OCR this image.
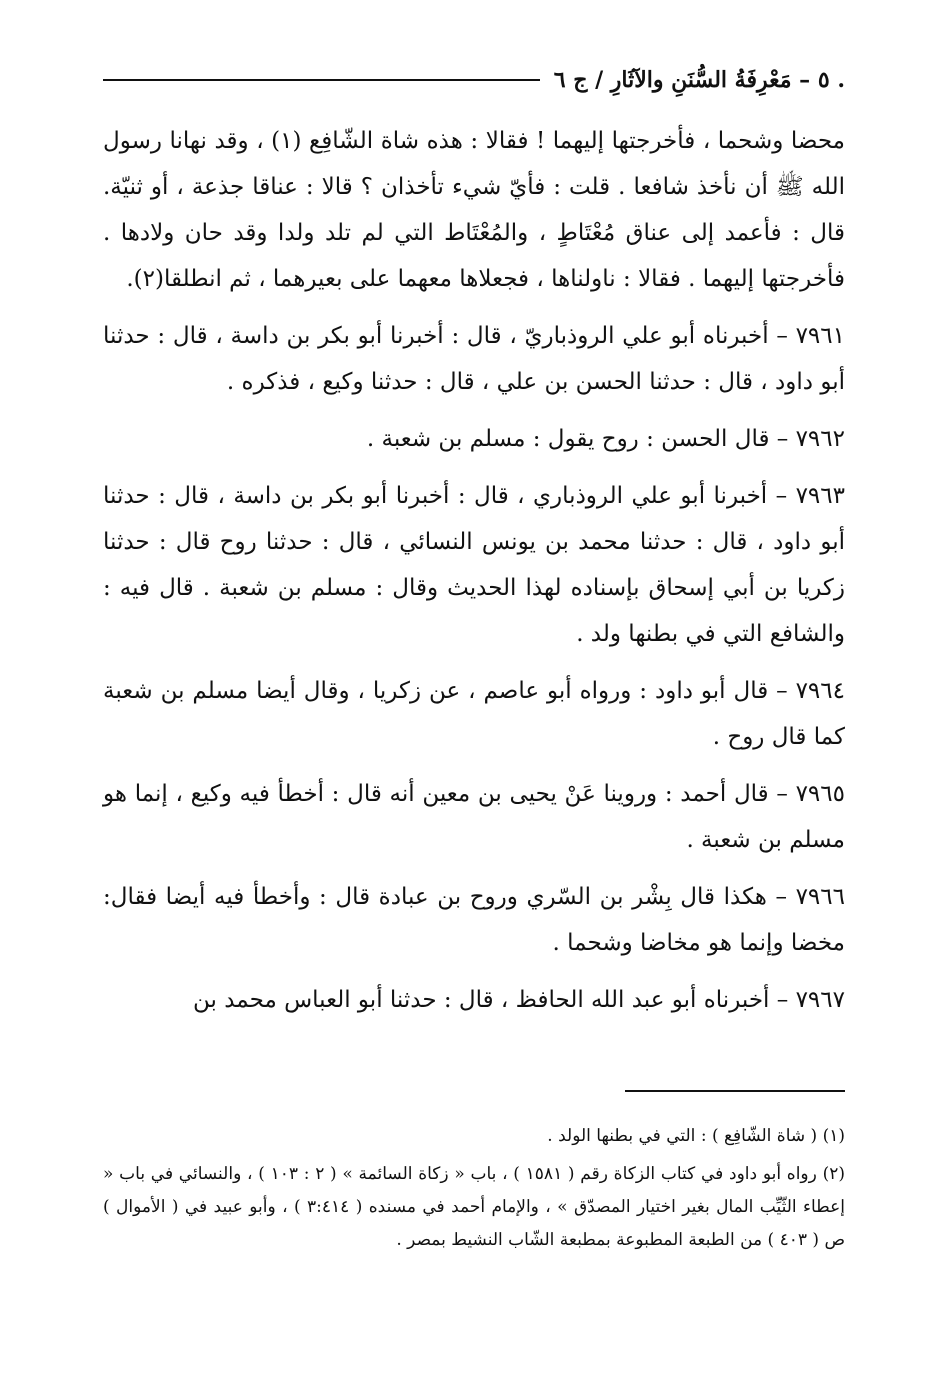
. ٥ – مَعْرِفَةُ السُّنَنِ والآثَارِ / ج ٦

محضا وشحما ، فأخرجتها إليهما ! فقالا : هذه شاة الشّافِع (١) ، وقد نهانا رسول الله ﷺ أن نأخذ شافعا . قلت : فأيّ شيء تأخذان ؟ قالا : عناقا جذعة ، أو ثنيّة. قال : فأعمد إلى عناق مُعْتَاطٍ ، والمُعْتَاط التي لم تلد ولدا وقد حان ولادها . فأخرجتها إليهما . فقالا : ناولناها ، فجعلاها معهما على بعيرهما ، ثم انطلقا(٢).

٧٩٦١ – أخبرناه أبو علي الروذباريّ ، قال : أخبرنا أبو بكر بن داسة ، قال : حدثنا أبو داود ، قال : حدثنا الحسن بن علي ، قال : حدثنا وكيع ، فذكره .

٧٩٦٢ – قال الحسن : روح يقول : مسلم بن شعبة .

٧٩٦٣ – أخبرنا أبو علي الروذباري ، قال : أخبرنا أبو بكر بن داسة ، قال : حدثنا أبو داود ، قال : حدثنا محمد بن يونس النسائي ، قال : حدثنا روح قال : حدثنا زكريا بن أبي إسحاق بإسناده لهذا الحديث وقال : مسلم بن شعبة . قال فيه : والشافع التي في بطنها ولد .

٧٩٦٤ – قال أبو داود : ورواه أبو عاصم ، عن زكريا ، وقال أيضا مسلم بن شعبة كما قال روح .

٧٩٦٥ – قال أحمد : وروينا عَنْ يحيى بن معين أنه قال : أخطأ فيه وكيع ، إنما هو مسلم بن شعبة .

٧٩٦٦ – هكذا قال بِشْر بن السّري وروح بن عبادة قال : وأخطأ فيه أيضا فقال: مخضا وإنما هو مخاضا وشحما .

٧٩٦٧ – أخبرناه أبو عبد الله الحافظ ، قال : حدثنا أبو العباس محمد بن

(١) ( شاة الشّافِع ) : التي في بطنها الولد .

(٢) رواه أبو داود في كتاب الزكاة رقم ( ١٥٨١ ) ، باب « زكاة السائمة » ( ٢ : ١٠٣ ) ، والنسائي في باب « إعطاء الثّيِّب المال بغير اختيار المصدّق » ، والإمام أحمد في مسنده ( ٣:٤١٤ ) ، وأبو عبيد في ( الأموال ) ص ( ٤٠٣ ) من الطبعة المطبوعة بمطبعة الشّاب النشيط بمصر .
